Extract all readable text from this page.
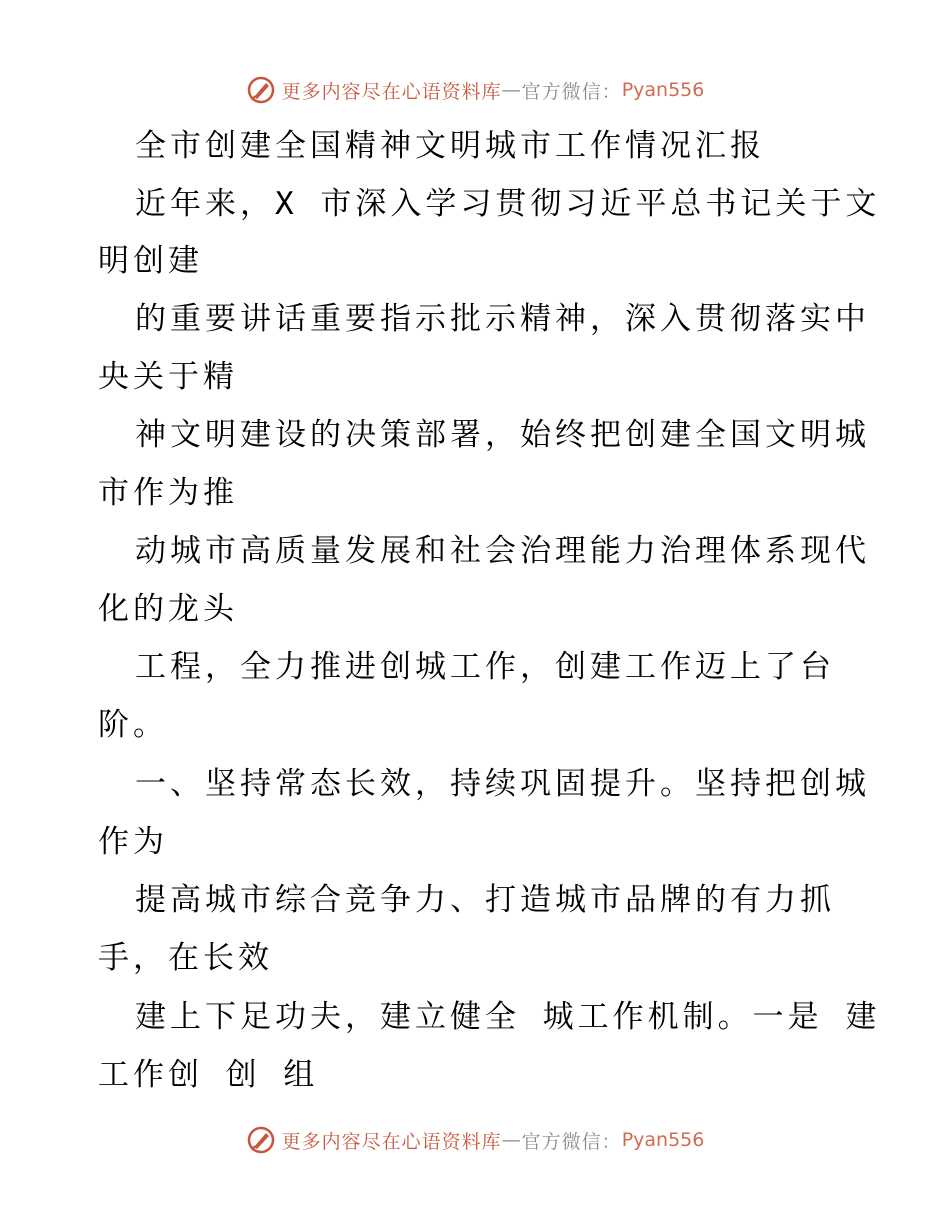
更多内容尽在心语资料库 — 官方微信： Pyan556
全市创建全国精神文明城市工作情况汇报
近年来，X 市深入学习贯彻习近平总书记关于文
明创建
的重要讲话重要指示批示精神，深入贯彻落实中
央关于精
神文明建设的决策部署，始终把创建全国文明城
市作为推
动城市高质量发展和社会治理能力治理体系现代
化的龙头
工程，全力推进创城工作，创建工作迈上了台
阶。
一、坚持常态长效，持续巩固提升。坚持把创城
作为
提高城市综合竞争力、打造城市品牌的有力抓
手，在长效
建上下足功夫，建立健全 城工作机制。一是 建
工作创 创 组
更多内容尽在心语资料库 — 官方微信： Pyan556
